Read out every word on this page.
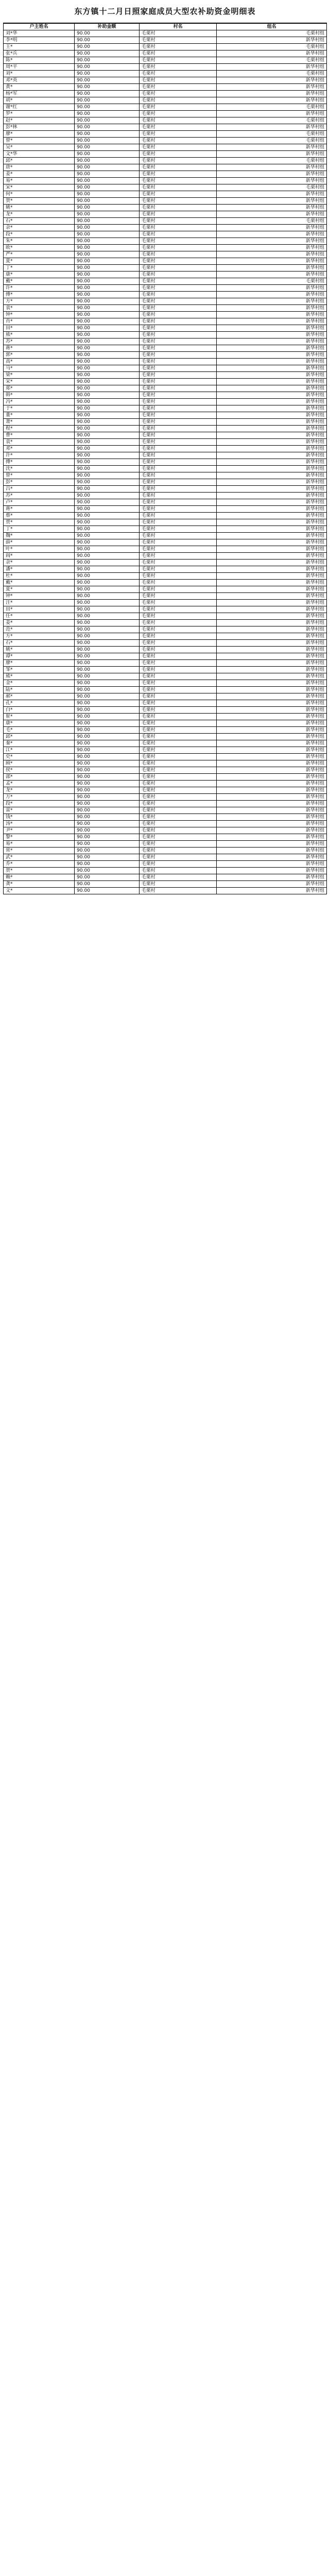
东方镇十二月日照家庭成员大型农补助资金明细表
户主姓名	补助金额	村名	组名
刘*华	90.00	毛栗村	毛栗村组
李*明	90.00	毛栗村	新华村组
王*	90.00	毛栗村	毛栗村组
张*兵	90.00	毛栗村	新华村组
陈*	90.00	毛栗村	毛栗村组
周*平	90.00	毛栗村	新华村组
刘*	90.00	毛栗村	毛栗村组
邓*英	90.00	毛栗村	新华村组
黄*	90.00	毛栗村	新华村组
杨*军	90.00	毛栗村	新华村组
胡*	90.00	毛栗村	新华村组
谢*红	90.00	毛栗村	毛栗村组
罗*	90.00	毛栗村	新华村组
赵*	90.00	毛栗村	毛栗村组
彭*林	90.00	毛栗村	新华村组
廖*	90.00	毛栗村	毛栗村组
曾*	90.00	毛栗村	毛栗村组
吴*	90.00	毛栗村	新华村组
文*华	90.00	毛栗村	新华村组
邱*	90.00	毛栗村	毛栗村组
唐*	90.00	毛栗村	新华村组
姜*	90.00	毛栗村	新华村组
易*	90.00	毛栗村	新华村组
宋*	90.00	毛栗村	毛栗村组
何*	90.00	毛栗村	新华村组
贺*	90.00	毛栗村	新华村组
姚*	90.00	毛栗村	新华村组
龙*	90.00	毛栗村	新华村组
石*	90.00	毛栗村	毛栗村组
余*	90.00	毛栗村	新华村组
段*	90.00	毛栗村	新华村组
朱*	90.00	毛栗村	新华村组
欧*	90.00	毛栗村	新华村组
严*	90.00	毛栗村	新华村组
夏*	90.00	毛栗村	新华村组
丁*	90.00	毛栗村	新华村组
康*	90.00	毛栗村	新华村组
戴*	90.00	毛栗村	毛栗村组
许*	90.00	毛栗村	新华村组
傅*	90.00	毛栗村	新华村组
方*	90.00	毛栗村	新华村组
袁*	90.00	毛栗村	新华村组
钟*	90.00	毛栗村	新华村组
肖*	90.00	毛栗村	新华村组
田*	90.00	毛栗村	新华村组
熊*	90.00	毛栗村	新华村组
苏*	90.00	毛栗村	新华村组
蒋*	90.00	毛栗村	新华村组
郭*	90.00	毛栗村	新华村组
高*	90.00	毛栗村	新华村组
马*	90.00	毛栗村	新华村组
梁*	90.00	毛栗村	新华村组
宋*	90.00	毛栗村	新华村组
郑*	90.00	毛栗村	新华村组
韩*	90.00	毛栗村	新华村组
冯*	90.00	毛栗村	新华村组
于*	90.00	毛栗村	新华村组
董*	90.00	毛栗村	新华村组
萧*	90.00	毛栗村	新华村组
程*	90.00	毛栗村	新华村组
曹*	90.00	毛栗村	新华村组
袁*	90.00	毛栗村	新华村组
邓*	90.00	毛栗村	新华村组
许*	90.00	毛栗村	新华村组
傅*	90.00	毛栗村	新华村组
沈*	90.00	毛栗村	新华村组
曾*	90.00	毛栗村	新华村组
彭*	90.00	毛栗村	新华村组
吕*	90.00	毛栗村	新华村组
苏*	90.00	毛栗村	新华村组
卢*	90.00	毛栗村	新华村组
蒋*	90.00	毛栗村	新华村组
蔡*	90.00	毛栗村	新华村组
贾*	90.00	毛栗村	新华村组
丁*	90.00	毛栗村	新华村组
魏*	90.00	毛栗村	新华村组
薛*	90.00	毛栗村	新华村组
叶*	90.00	毛栗村	新华村组
阎*	90.00	毛栗村	新华村组
余*	90.00	毛栗村	新华村组
潘*	90.00	毛栗村	新华村组
杜*	90.00	毛栗村	新华村组
戴*	90.00	毛栗村	新华村组
夏*	90.00	毛栗村	新华村组
钟*	90.00	毛栗村	新华村组
汪*	90.00	毛栗村	新华村组
田*	90.00	毛栗村	新华村组
任*	90.00	毛栗村	新华村组
姜*	90.00	毛栗村	新华村组
范*	90.00	毛栗村	新华村组
方*	90.00	毛栗村	新华村组
石*	90.00	毛栗村	新华村组
姚*	90.00	毛栗村	新华村组
谭*	90.00	毛栗村	新华村组
廖*	90.00	毛栗村	新华村组
邹*	90.00	毛栗村	新华村组
熊*	90.00	毛栗村	新华村组
金*	90.00	毛栗村	新华村组
陆*	90.00	毛栗村	新华村组
郝*	90.00	毛栗村	新华村组
孔*	90.00	毛栗村	新华村组
白*	90.00	毛栗村	新华村组
崔*	90.00	毛栗村	新华村组
康*	90.00	毛栗村	新华村组
毛*	90.00	毛栗村	新华村组
邱*	90.00	毛栗村	新华村组
秦*	90.00	毛栗村	新华村组
江*	90.00	毛栗村	新华村组
史*	90.00	毛栗村	新华村组
顾*	90.00	毛栗村	新华村组
侯*	90.00	毛栗村	新华村组
邵*	90.00	毛栗村	新华村组
孟*	90.00	毛栗村	新华村组
龙*	90.00	毛栗村	新华村组
万*	90.00	毛栗村	新华村组
段*	90.00	毛栗村	新华村组
雷*	90.00	毛栗村	新华村组
钱*	90.00	毛栗村	新华村组
汤*	90.00	毛栗村	新华村组
尹*	90.00	毛栗村	新华村组
黎*	90.00	毛栗村	新华村组
易*	90.00	毛栗村	新华村组
常*	90.00	毛栗村	新华村组
武*	90.00	毛栗村	新华村组
乔*	90.00	毛栗村	新华村组
贺*	90.00	毛栗村	新华村组
赖*	90.00	毛栗村	新华村组
龚*	90.00	毛栗村	新华村组
文*	90.00	毛栗村	新华村组
